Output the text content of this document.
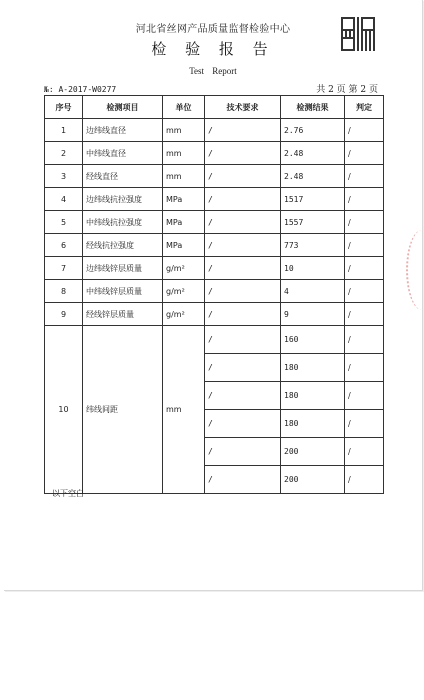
河北省丝网产品质量监督检验中心
检 验 报 告
Test Report
№: A-2017-W0277	共 2 页 第 2 页
序号	检测项目	单位	技术要求	检测结果	判定
1	边纬线直径	mm	/	2.76	/
2	中纬线直径	mm	/	2.48	/
3	经线直径	mm	/	2.48	/
4	边纬线抗拉强度	MPa	/	1517	/
5	中纬线抗拉强度	MPa	/	1557	/
6	经线抗拉强度	MPa	/	773	/
7	边纬线锌层质量	g/m²	/	10	/
8	中纬线锌层质量	g/m²	/	4	/
9	经线锌层质量	g/m²	/	9	/
10	纬线间距	mm	/	160	/
			/	180	/
			/	180	/
			/	180	/
			/	200	/
			/	200	/
以下空白
